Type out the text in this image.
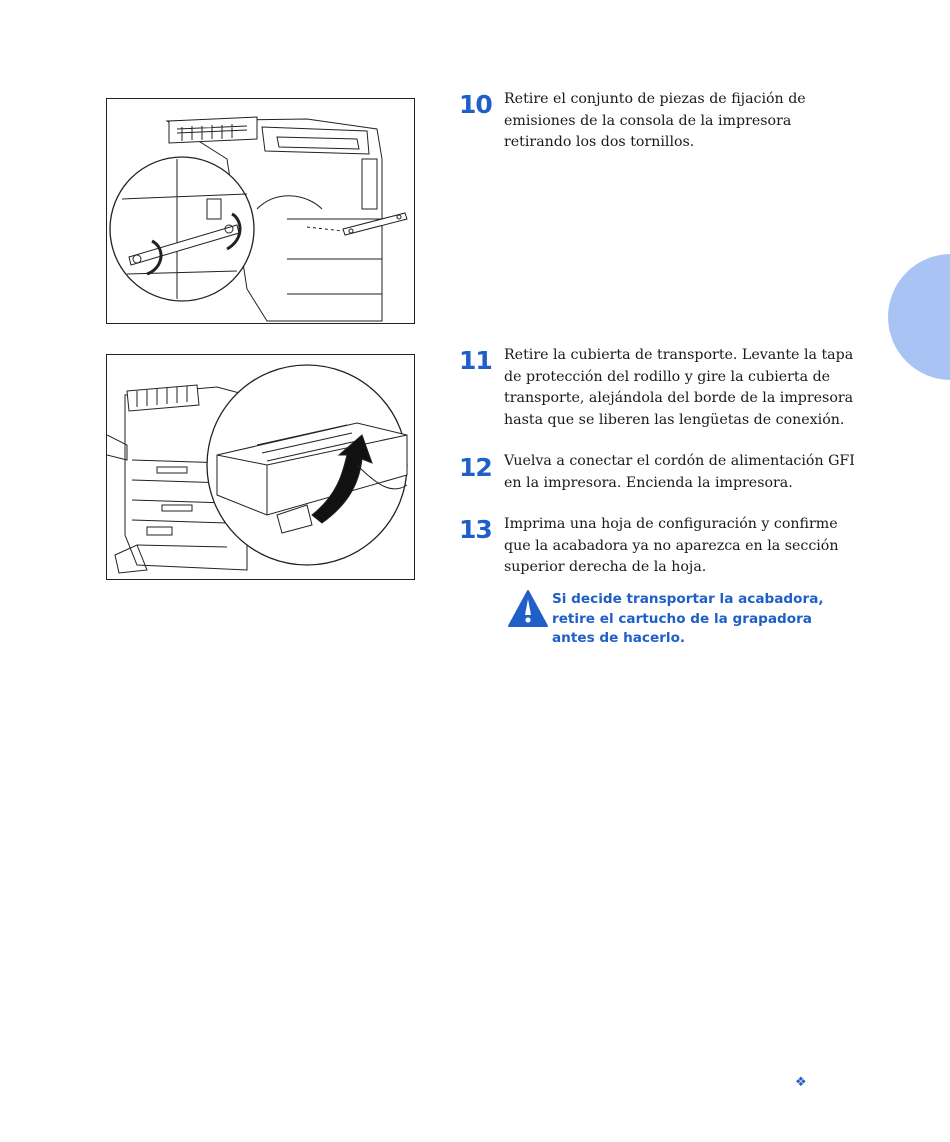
10 Retire el conjunto de piezas de fijación de emisiones de la consola de la impresora retirando los dos tornillos.
11 Retire la cubierta de transporte. Levante la tapa de protección del rodillo y gire la cubierta de transporte, alejándola del borde de la impresora hasta que se liberen las lengüetas de conexión.
12 Vuelva a conectar el cordón de alimentación GFI en la impresora. Encienda la impresora.
13 Imprima una hoja de configuración y confirme que la acabadora ya no aparezca en la sección superior derecha de la hoja.
Si decide transportar la acabadora, retire el cartucho de la grapadora antes de hacerlo.
❖
